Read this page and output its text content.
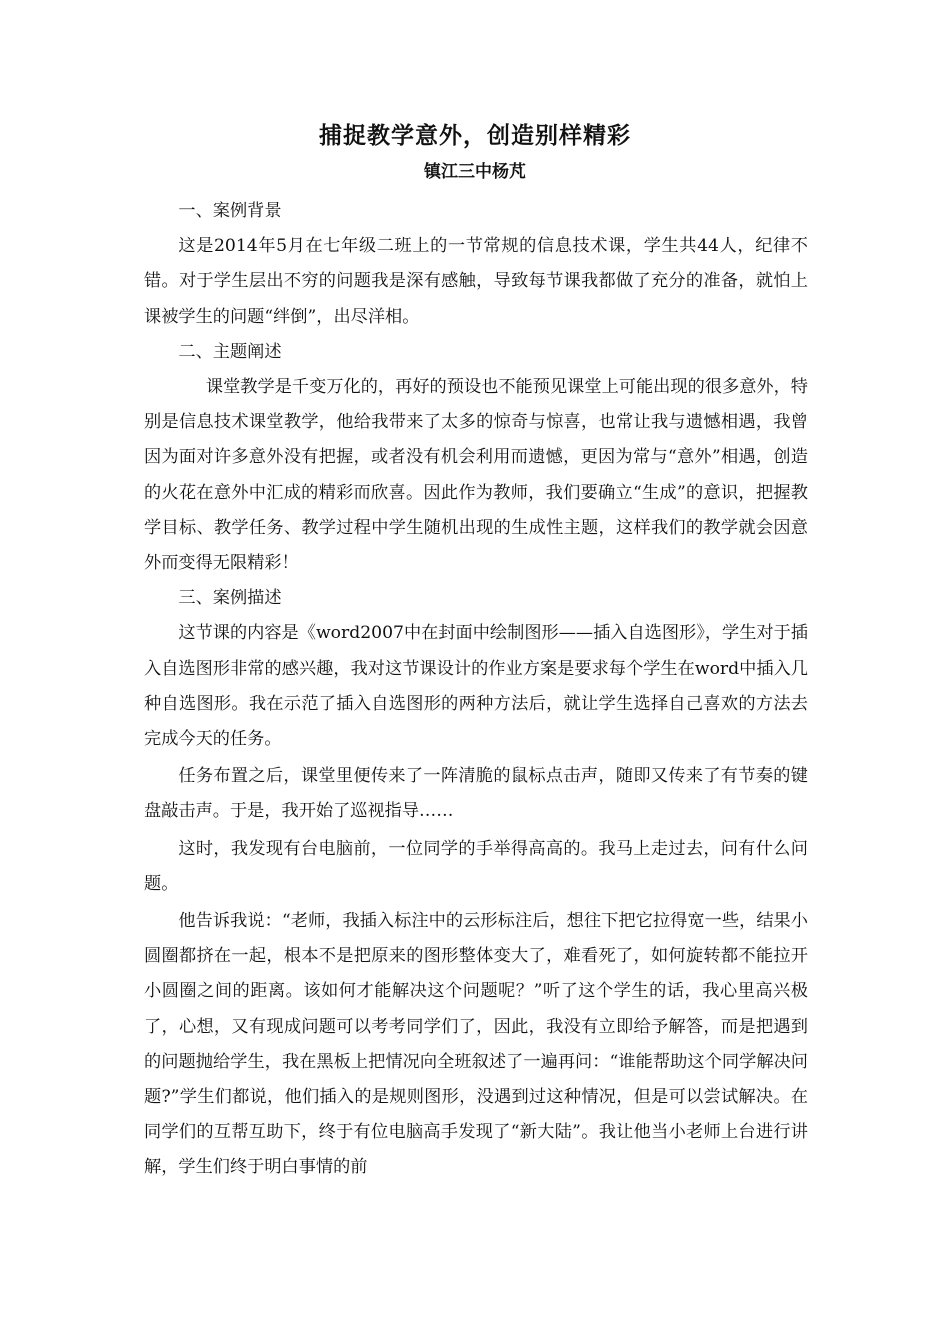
捕捉教学意外，创造别样精彩
镇江三中杨芃

一、案例背景

这是2014年5月在七年级二班上的一节常规的信息技术课，学生共44人，纪律不错。对于学生层出不穷的问题我是深有感触，导致每节课我都做了充分的准备，就怕上课被学生的问题“绊倒”，出尽洋相。

二、主题阐述

课堂教学是千变万化的，再好的预设也不能预见课堂上可能出现的很多意外，特别是信息技术课堂教学，他给我带来了太多的惊奇与惊喜，也常让我与遗憾相遇，我曾因为面对许多意外没有把握，或者没有机会利用而遗憾，更因为常与“意外”相遇，创造的火花在意外中汇成的精彩而欣喜。因此作为教师，我们要确立“生成”的意识，把握教学目标、教学任务、教学过程中学生随机出现的生成性主题，这样我们的教学就会因意外而变得无限精彩！

三、案例描述

这节课的内容是《word2007中在封面中绘制图形——插入自选图形》，学生对于插入自选图形非常的感兴趣，我对这节课设计的作业方案是要求每个学生在word中插入几种自选图形。我在示范了插入自选图形的两种方法后，就让学生选择自己喜欢的方法去完成今天的任务。

任务布置之后，课堂里便传来了一阵清脆的鼠标点击声，随即又传来了有节奏的键盘敲击声。于是，我开始了巡视指导……

这时，我发现有台电脑前，一位同学的手举得高高的。我马上走过去，问有什么问题。

他告诉我说：“老师，我插入标注中的云形标注后，想往下把它拉得宽一些，结果小圆圈都挤在一起，根本不是把原来的图形整体变大了，难看死了，如何旋转都不能拉开小圆圈之间的距离。该如何才能解决这个问题呢？”听了这个学生的话，我心里高兴极了，心想，又有现成问题可以考考同学们了，因此，我没有立即给予解答，而是把遇到的问题抛给学生，我在黑板上把情况向全班叙述了一遍再问：“谁能帮助这个同学解决问题?”学生们都说，他们插入的是规则图形，没遇到过这种情况，但是可以尝试解决。在同学们的互帮互助下，终于有位电脑高手发现了“新大陆”。我让他当小老师上台进行讲解，学生们终于明白事情的前
